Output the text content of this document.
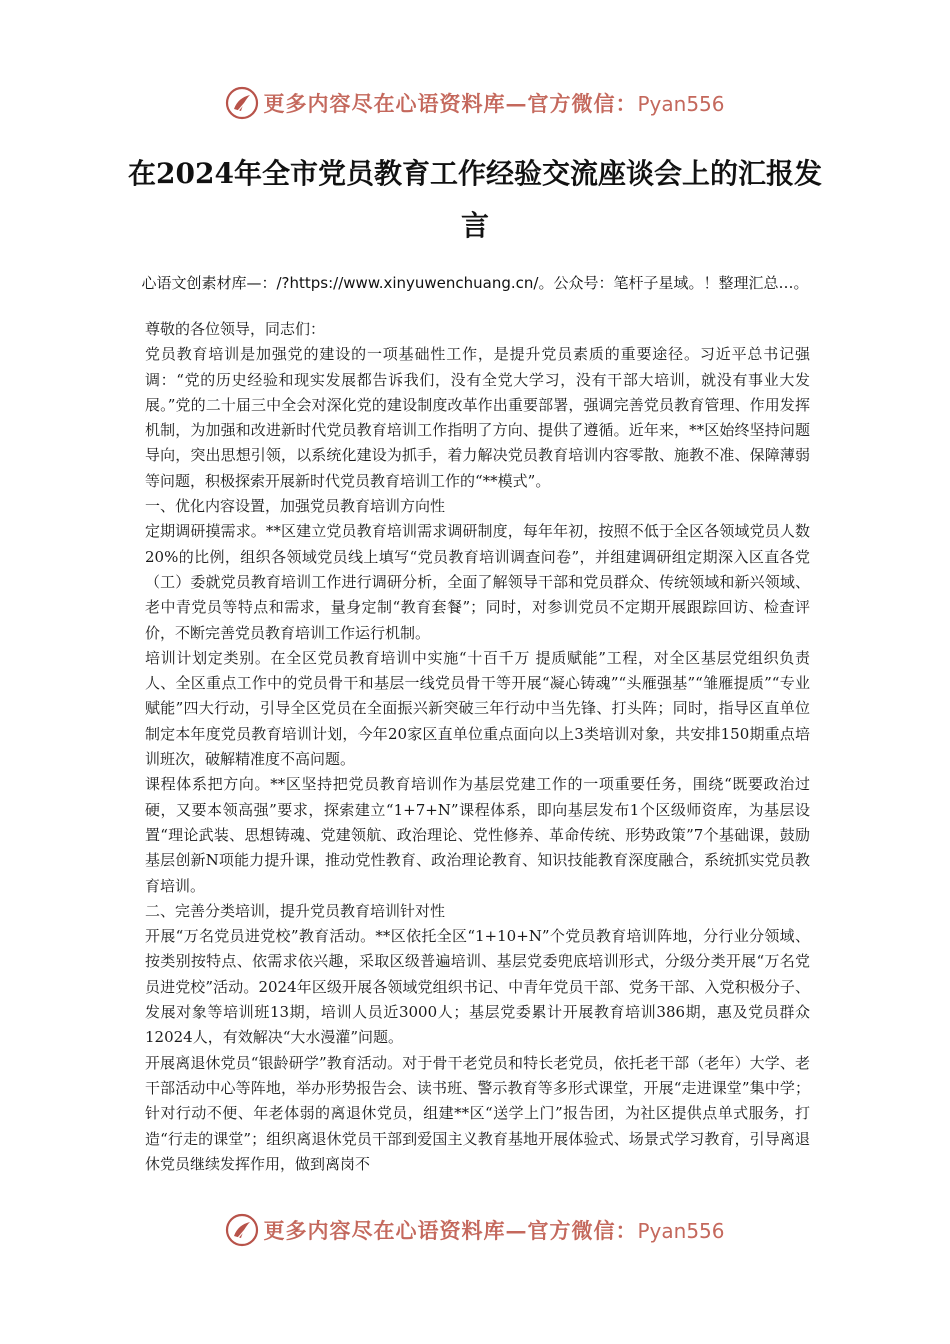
更多内容尽在心语资料库—官方微信：Pyan556
在2024年全市党员教育工作经验交流座谈会上的汇报发言

心语文创素材库—：/?https://www.xinyuwenchuang.cn/。公众号：笔杆子星域。！整理汇总…。

尊敬的各位领导，同志们：

党员教育培训是加强党的建设的一项基础性工作，是提升党员素质的重要途径。习近平总书记强调：“党的历史经验和现实发展都告诉我们，没有全党大学习，没有干部大培训，就没有事业大发展。”党的二十届三中全会对深化党的建设制度改革作出重要部署，强调完善党员教育管理、作用发挥机制，为加强和改进新时代党员教育培训工作指明了方向、提供了遵循。近年来，**区始终坚持问题导向，突出思想引领，以系统化建设为抓手，着力解决党员教育培训内容零散、施教不准、保障薄弱等问题，积极探索开展新时代党员教育培训工作的“**模式”。

一、优化内容设置，加强党员教育培训方向性

定期调研摸需求。**区建立党员教育培训需求调研制度，每年年初，按照不低于全区各领域党员人数20%的比例，组织各领域党员线上填写“党员教育培训调查问卷”，并组建调研组定期深入区直各党（工）委就党员教育培训工作进行调研分析，全面了解领导干部和党员群众、传统领域和新兴领域、老中青党员等特点和需求，量身定制“教育套餐”；同时，对参训党员不定期开展跟踪回访、检查评价，不断完善党员教育培训工作运行机制。

培训计划定类别。在全区党员教育培训中实施“十百千万 提质赋能”工程，对全区基层党组织负责人、全区重点工作中的党员骨干和基层一线党员骨干等开展“凝心铸魂”“头雁强基”“雏雁提质”“专业赋能”四大行动，引导全区党员在全面振兴新突破三年行动中当先锋、打头阵；同时，指导区直单位制定本年度党员教育培训计划，今年20家区直单位重点面向以上3类培训对象，共安排150期重点培训班次，破解精准度不高问题。

课程体系把方向。**区坚持把党员教育培训作为基层党建工作的一项重要任务，围绕“既要政治过硬，又要本领高强”要求，探索建立“1+7+N”课程体系，即向基层发布1个区级师资库，为基层设置“理论武装、思想铸魂、党建领航、政治理论、党性修养、革命传统、形势政策”7个基础课，鼓励基层创新N项能力提升课，推动党性教育、政治理论教育、知识技能教育深度融合，系统抓实党员教育培训。

二、完善分类培训，提升党员教育培训针对性

开展“万名党员进党校”教育活动。**区依托全区“1+10+N”个党员教育培训阵地，分行业分领域、按类别按特点、依需求依兴趣，采取区级普遍培训、基层党委兜底培训形式，分级分类开展“万名党员进党校”活动。2024年区级开展各领域党组织书记、中青年党员干部、党务干部、入党积极分子、发展对象等培训班13期，培训人员近3000人；基层党委累计开展教育培训386期，惠及党员群众12024人，有效解决“大水漫灌”问题。

开展离退休党员“银龄研学”教育活动。对于骨干老党员和特长老党员，依托老干部（老年）大学、老干部活动中心等阵地，举办形势报告会、读书班、警示教育等多形式课堂，开展“走进课堂”集中学；针对行动不便、年老体弱的离退休党员，组建**区“送学上门”报告团，为社区提供点单式服务，打造“行走的课堂”；组织离退休党员干部到爱国主义教育基地开展体验式、场景式学习教育，引导离退休党员继续发挥作用，做到离岗不

更多内容尽在心语资料库—官方微信：Pyan556
